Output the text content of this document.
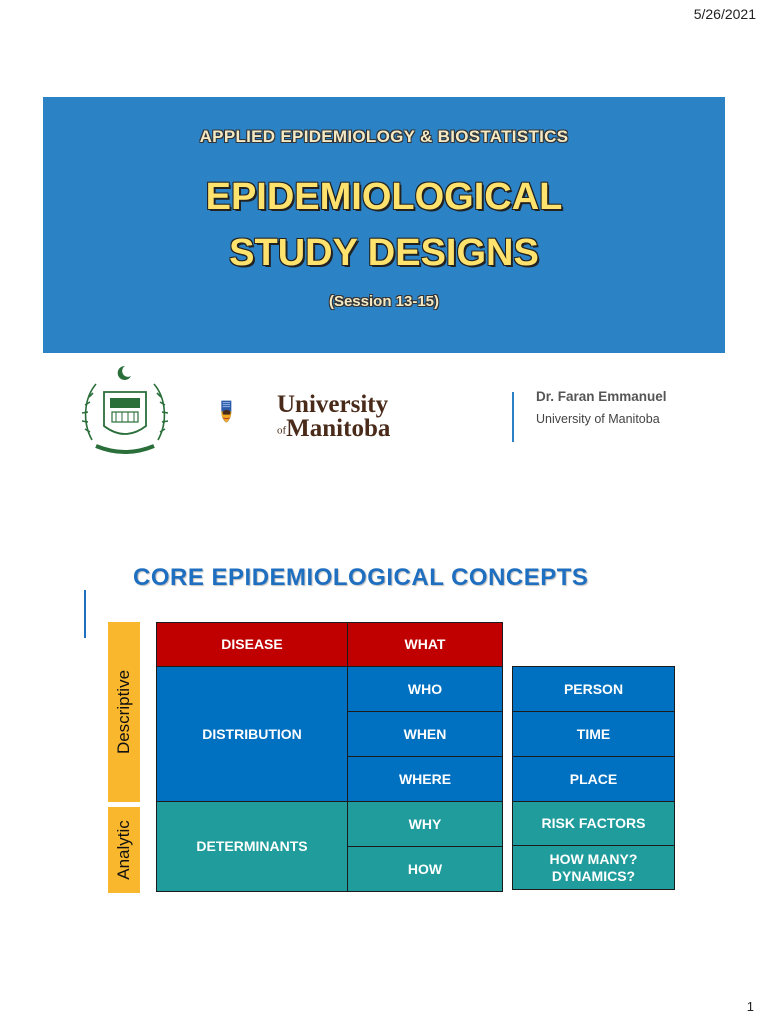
5/26/2021
APPLIED EPIDEMIOLOGY & BIOSTATISTICS
EPIDEMIOLOGICAL
STUDY DESIGNS
(Session 13-15)
University
ofManitoba
Dr. Faran Emmanuel
University of Manitoba
CORE EPIDEMIOLOGICAL CONCEPTS
Descriptive
Analytic
DISEASE	WHAT
DISTRIBUTION
WHO
WHEN
WHERE
DETERMINANTS
WHY
HOW
PERSON
TIME
PLACE
RISK FACTORS
HOW MANY?
DYNAMICS?
1
